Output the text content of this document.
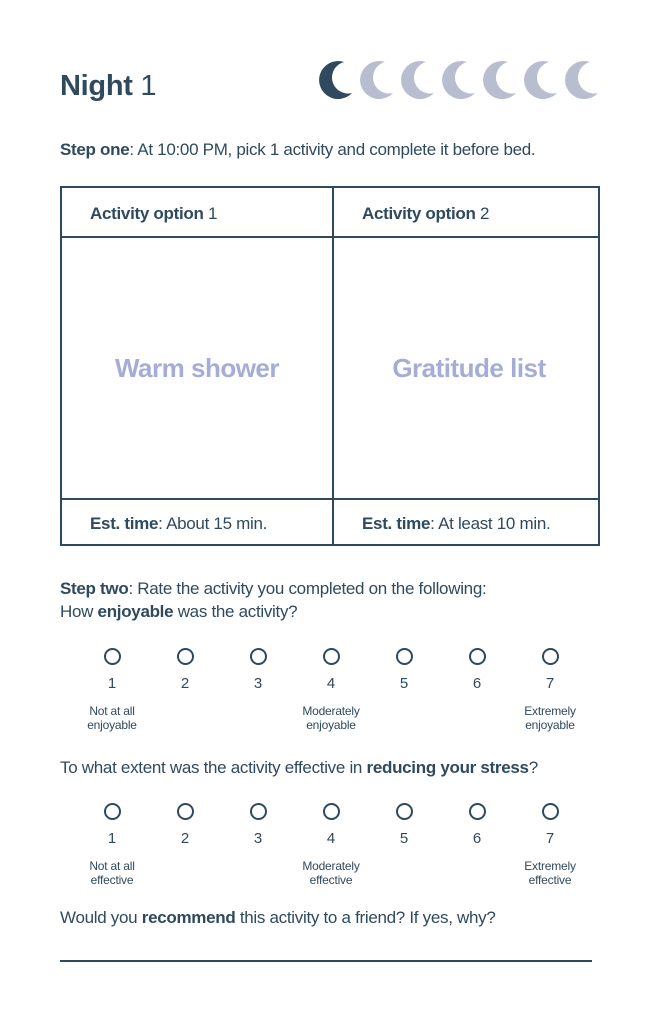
Night 1
Step one: At 10:00 PM, pick 1 activity and complete it before bed.
Activity option 1	Activity option 2
Warm shower	Gratitude list
Est. time: About 15 min.	Est. time: At least 10 min.
Step two: Rate the activity you completed on the following:
How enjoyable was the activity?
1	2	3	4	5	6	7
Not at all
enjoyable
Moderately
enjoyable
Extremely
enjoyable
To what extent was the activity effective in reducing your stress?
1	2	3	4	5	6	7
Not at all
effective
Moderately
effective
Extremely
effective
Would you recommend this activity to a friend? If yes, why?
